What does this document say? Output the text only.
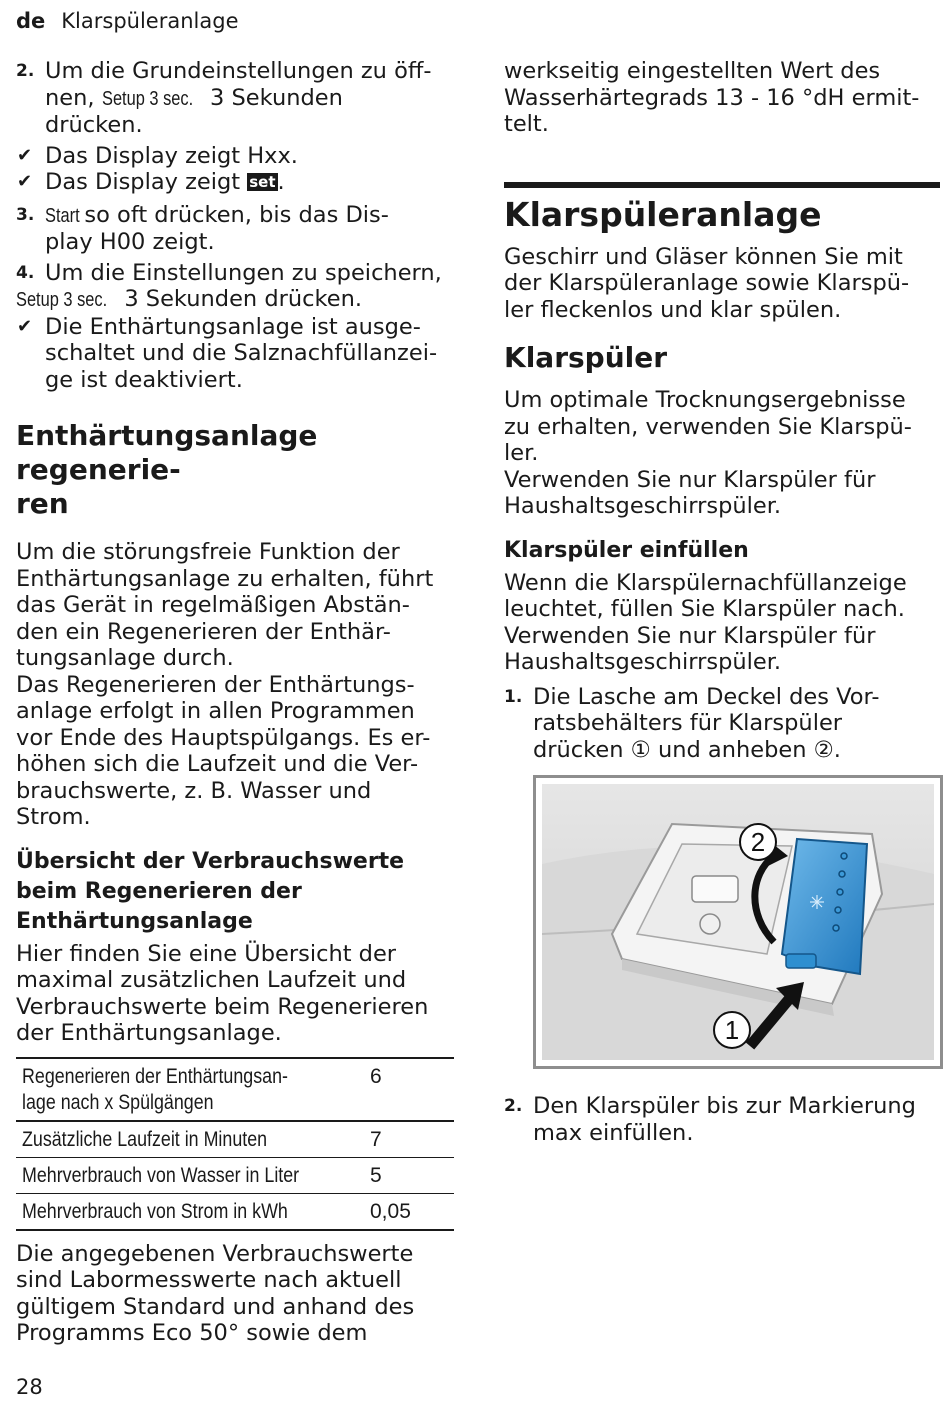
de Klarspüleranlage
2. Um die Grundeinstellungen zu öff-
nen, Setup 3 sec. 3 Sekunden
drücken.
✔ Das Display zeigt Hxx.
✔ Das Display zeigt set.
3. Start so oft drücken, bis das Dis-
play H00 zeigt.
4. Um die Einstellungen zu speichern,
Setup 3 sec. 3 Sekunden drücken.
✔ Die Enthärtungsanlage ist ausge-
schaltet und die Salznachfüllanzei-
ge ist deaktiviert.
Enthärtungsanlage regenerie-
ren

Um die störungsfreie Funktion der

Enthärtungsanlage zu erhalten, führt

das Gerät in regelmäßigen Abstän-

den ein Regenerieren der Enthär-

tungsanlage durch.

Das Regenerieren der Enthärtungs-

anlage erfolgt in allen Programmen

vor Ende des Hauptspülgangs. Es er-

höhen sich die Laufzeit und die Ver-

brauchswerte, z. B. Wasser und

Strom.

Übersicht der Verbrauchswerte
beim Regenerieren der
Enthärtungsanlage

Hier finden Sie eine Übersicht der

maximal zusätzlichen Laufzeit und

Verbrauchswerte beim Regenerieren

der Enthärtungsanlage.

Regenerieren der Enthärtungsan-
lage nach x Spülgängen	6
Zusätzliche Laufzeit in Minuten	7
Mehrverbrauch von Wasser in Liter	5
Mehrverbrauch von Strom in kWh	0,05

Die angegebenen Verbrauchswerte

sind Labormesswerte nach aktuell

gültigem Standard und anhand des

Programms Eco 50° sowie dem

werkseitig eingestellten Wert des

Wasserhärtegrads 13 - 16 °dH ermit-

telt.

Klarspüleranlage

Geschirr und Gläser können Sie mit

der Klarspüleranlage sowie Klarspü-

ler fleckenlos und klar spülen.

Klarspüler

Um optimale Trocknungsergebnisse

zu erhalten, verwenden Sie Klarspü-

ler.

Verwenden Sie nur Klarspüler für

Haushaltsgeschirrspüler.

Klarspüler einfüllen

Wenn die Klarspülernachfüllanzeige

leuchtet, füllen Sie Klarspüler nach.

Verwenden Sie nur Klarspüler für

Haushaltsgeschirrspüler.

1. Die Lasche am Deckel des Vor-
ratsbehälters für Klarspüler
drücken ① und anheben ②.
2
1
2. Den Klarspüler bis zur Markierung
max einfüllen.
28
